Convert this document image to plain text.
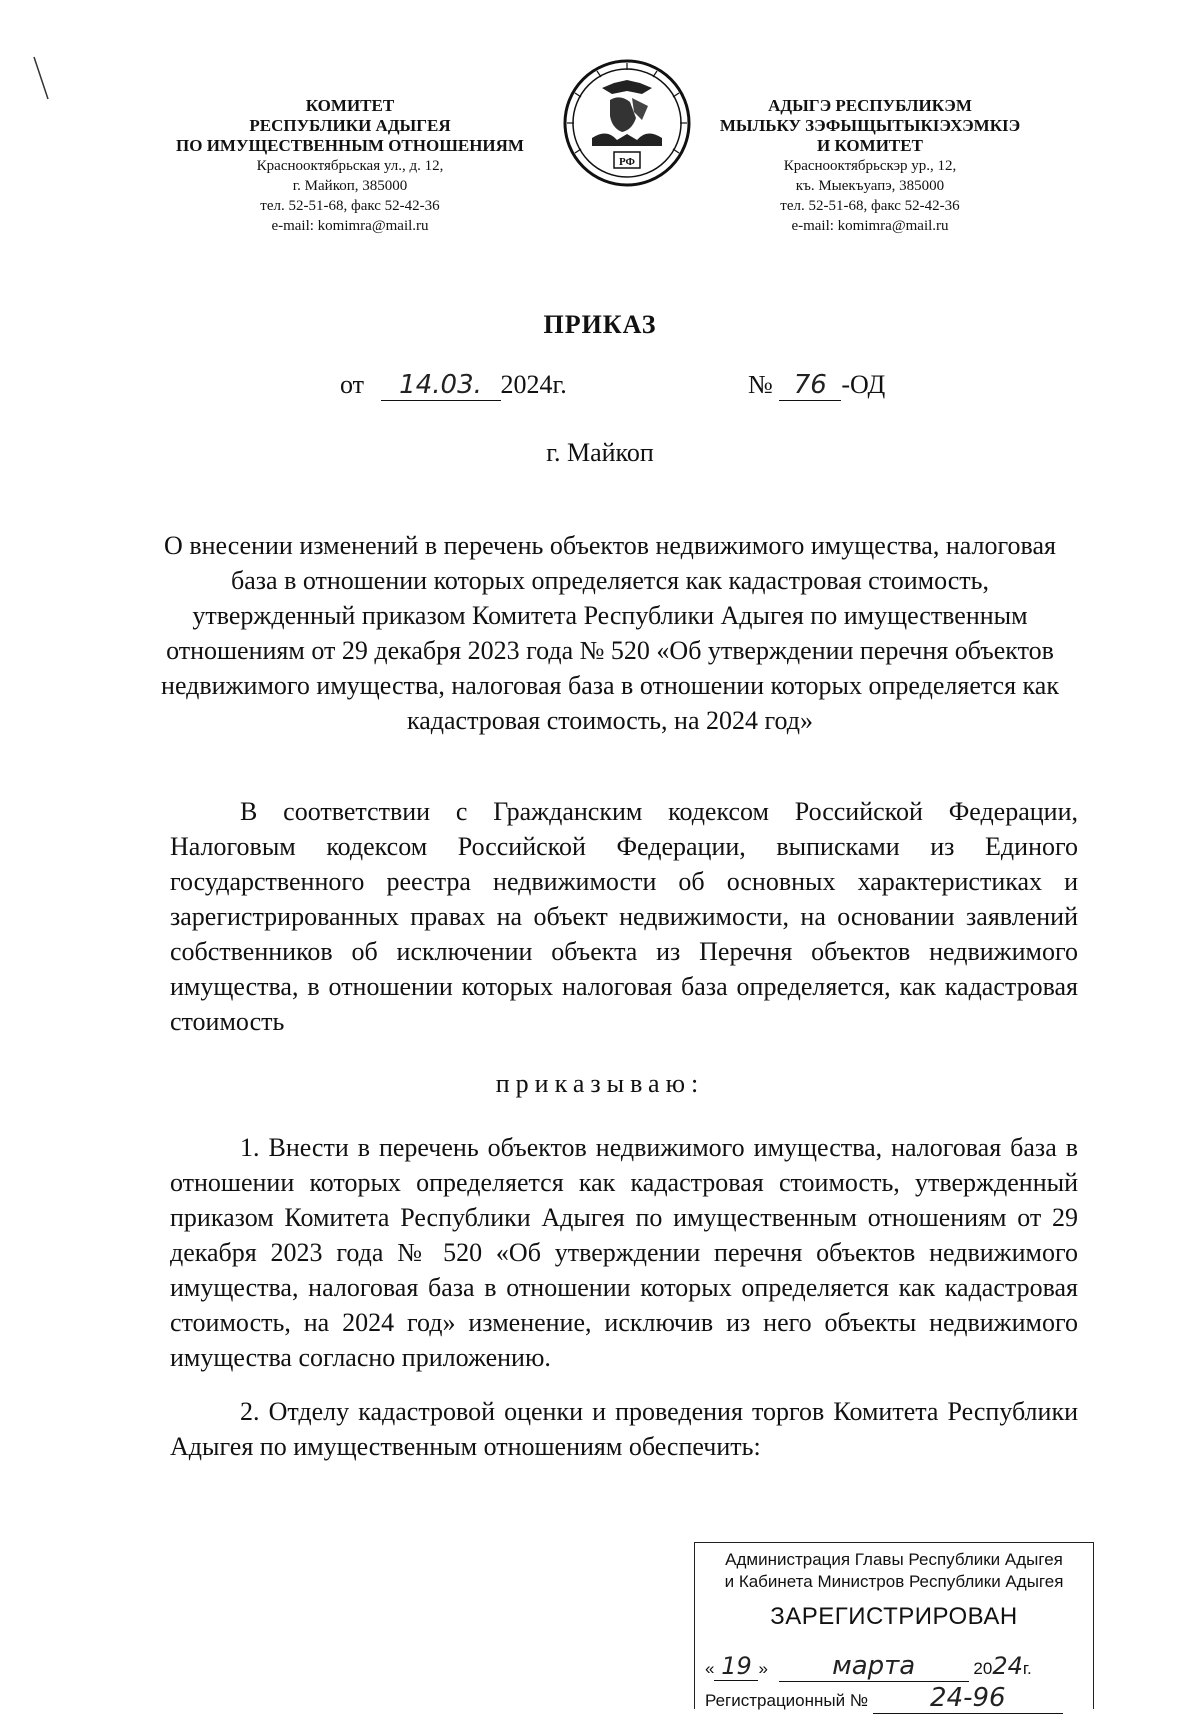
КОМИТЕТ
РЕСПУБЛИКИ АДЫГЕЯ
ПО ИМУЩЕСТВЕННЫМ ОТНОШЕНИЯМ
Краснооктябрьская ул., д. 12,
г. Майкоп, 385000
тел. 52-51-68, факс 52-42-36
e-mail: komimra@mail.ru
РФ
АДЫГЭ РЕСПУБЛИКЭМ
МЫЛЬКУ ЗЭФЫЩЫТЫКIЭХЭМКIЭ
И КОМИТЕТ
Краснооктябрьскэр ур., 12,
къ. Мыекъуапэ, 385000
тел. 52-51-68, факс 52-42-36
e-mail: komimra@mail.ru
ПРИКАЗ
от 14.03. 2024г.	№ 76 -ОД
г. Майкоп
О внесении изменений в перечень объектов недвижимого имущества, налоговая база в отношении которых определяется как кадастровая стоимость, утвержденный приказом Комитета Республики Адыгея по имущественным отношениям от 29 декабря 2023 года № 520 «Об утверждении перечня объектов недвижимого имущества, налоговая база в отношении которых определяется как кадастровая стоимость, на 2024 год»
В соответствии с Гражданским кодексом Российской Федерации, Налоговым кодексом Российской Федерации, выписками из Единого государственного реестра недвижимости об основных характеристиках и зарегистрированных правах на объект недвижимости, на основании заявлений собственников об исключении объекта из Перечня объектов недвижимого имущества, в отношении которых налоговая база определяется, как кадастровая стоимость
приказываю:
1. Внести в перечень объектов недвижимого имущества, налоговая база в отношении которых определяется как кадастровая стоимость, утвержденный приказом Комитета Республики Адыгея по имущественным отношениям от 29 декабря 2023 года № 520 «Об утверждении перечня объектов недвижимого имущества, налоговая база в отношении которых определяется как кадастровая стоимость, на 2024 год» изменение, исключив из него объекты недвижимого имущества согласно приложению.
2. Отделу кадастровой оценки и проведения торгов Комитета Республики Адыгея по имущественным отношениям обеспечить:
Администрация Главы Республики Адыгея
и Кабинета Министров Республики Адыгея
ЗАРЕГИСТРИРОВАН
« 19 » марта	2024г.
Регистрационный № 24-96
